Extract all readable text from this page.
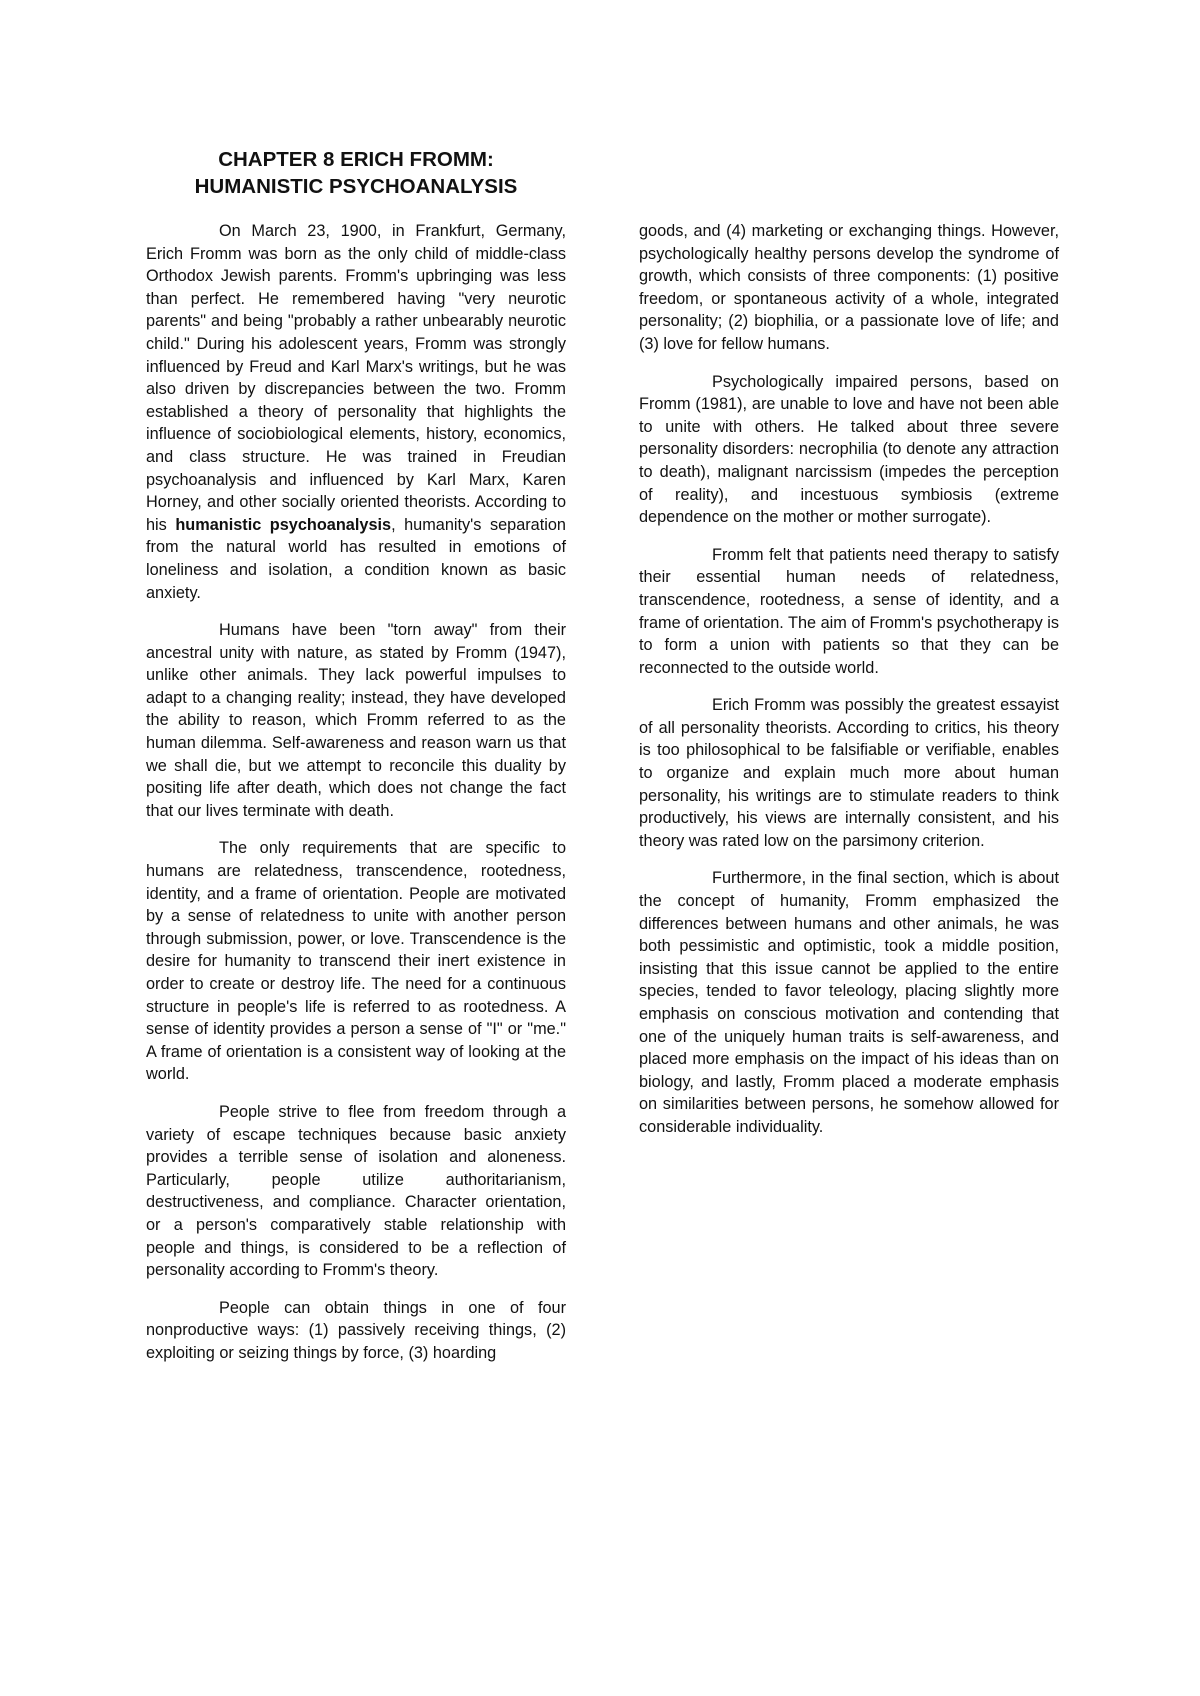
CHAPTER 8 ERICH FROMM:
HUMANISTIC PSYCHOANALYSIS

On March 23, 1900, in Frankfurt, Germany, Erich Fromm was born as the only child of middle-class Orthodox Jewish parents. Fromm's upbringing was less than perfect. He remembered having "very neurotic parents" and being "probably a rather unbearably neurotic child." During his adolescent years, Fromm was strongly influenced by Freud and Karl Marx's writings, but he was also driven by discrepancies between the two. Fromm established a theory of personality that highlights the influence of sociobiological elements, history, economics, and class structure. He was trained in Freudian psychoanalysis and influenced by Karl Marx, Karen Horney, and other socially oriented theorists. According to his humanistic psychoanalysis, humanity's separation from the natural world has resulted in emotions of loneliness and isolation, a condition known as basic anxiety.

Humans have been "torn away" from their ancestral unity with nature, as stated by Fromm (1947), unlike other animals. They lack powerful impulses to adapt to a changing reality; instead, they have developed the ability to reason, which Fromm referred to as the human dilemma. Self-awareness and reason warn us that we shall die, but we attempt to reconcile this duality by positing life after death, which does not change the fact that our lives terminate with death.

The only requirements that are specific to humans are relatedness, transcendence, rootedness, identity, and a frame of orientation. People are motivated by a sense of relatedness to unite with another person through submission, power, or love. Transcendence is the desire for humanity to transcend their inert existence in order to create or destroy life. The need for a continuous structure in people's life is referred to as rootedness. A sense of identity provides a person a sense of "I" or "me." A frame of orientation is a consistent way of looking at the world.

People strive to flee from freedom through a variety of escape techniques because basic anxiety provides a terrible sense of isolation and aloneness. Particularly, people utilize authoritarianism, destructiveness, and compliance. Character orientation, or a person's comparatively stable relationship with people and things, is considered to be a reflection of personality according to Fromm's theory.

People can obtain things in one of four nonproductive ways: (1) passively receiving things, (2) exploiting or seizing things by force, (3) hoarding

goods, and (4) marketing or exchanging things. However, psychologically healthy persons develop the syndrome of growth, which consists of three components: (1) positive freedom, or spontaneous activity of a whole, integrated personality; (2) biophilia, or a passionate love of life; and (3) love for fellow humans.

Psychologically impaired persons, based on Fromm (1981), are unable to love and have not been able to unite with others. He talked about three severe personality disorders: necrophilia (to denote any attraction to death), malignant narcissism (impedes the perception of reality), and incestuous symbiosis (extreme dependence on the mother or mother surrogate).

Fromm felt that patients need therapy to satisfy their essential human needs of relatedness, transcendence, rootedness, a sense of identity, and a frame of orientation. The aim of Fromm's psychotherapy is to form a union with patients so that they can be reconnected to the outside world.

Erich Fromm was possibly the greatest essayist of all personality theorists. According to critics, his theory is too philosophical to be falsifiable or verifiable, enables to organize and explain much more about human personality, his writings are to stimulate readers to think productively, his views are internally consistent, and his theory was rated low on the parsimony criterion.

Furthermore, in the final section, which is about the concept of humanity, Fromm emphasized the differences between humans and other animals, he was both pessimistic and optimistic, took a middle position, insisting that this issue cannot be applied to the entire species, tended to favor teleology, placing slightly more emphasis on conscious motivation and contending that one of the uniquely human traits is self-awareness, and placed more emphasis on the impact of his ideas than on biology, and lastly, Fromm placed a moderate emphasis on similarities between persons, he somehow allowed for considerable individuality.
